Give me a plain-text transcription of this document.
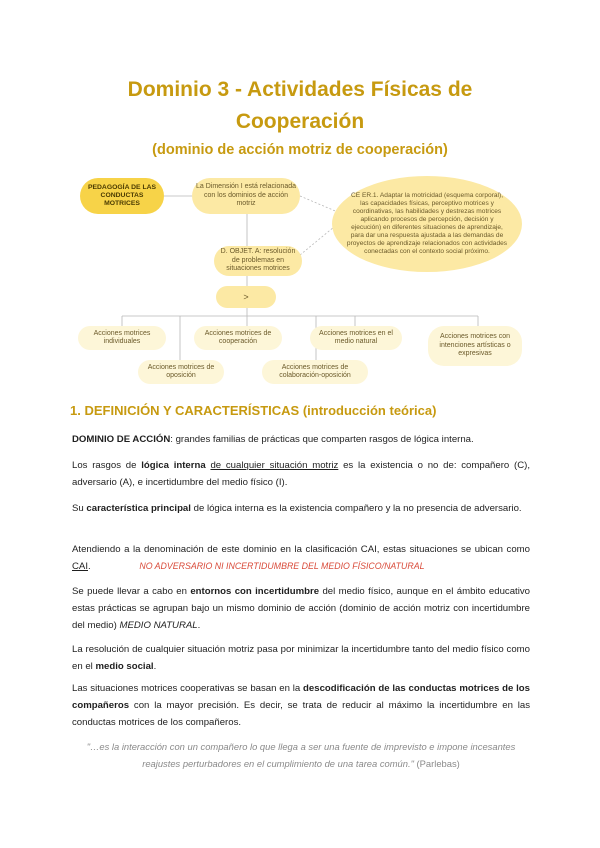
Dominio 3 - Actividades Físicas de
Cooperación
(dominio de acción motriz de cooperación)
PEDAGOGÍA DE LAS CONDUCTAS MOTRICES
La Dimensión I está relacionada con los dominios de acción motriz
CE ER.1. Adaptar la motricidad (esquema corporal), las capacidades físicas, perceptivo motrices y coordinativas, las habilidades y destrezas motrices aplicando procesos de percepción, decisión y ejecución) en diferentes situaciones de aprendizaje, para dar una respuesta ajustada a las demandas de proyectos de aprendizaje relacionados con actividades conectadas con el contexto social próximo.
D. OBJET. A: resolución de problemas en situaciones motrices
>
Acciones motrices individuales
Acciones motrices de cooperación
Acciones motrices en el medio natural
Acciones motrices con intenciones artísticas o expresivas
Acciones motrices de oposición
Acciones motrices de colaboración-oposición
1. DEFINICIÓN Y CARACTERÍSTICAS (introducción teórica)
DOMINIO DE ACCIÓN: grandes familias de prácticas que comparten rasgos de lógica interna.
Los rasgos de lógica interna de cualquier situación motriz es la existencia o no de: compañero (C), adversario (A), e incertidumbre del medio físico (I).
Su característica principal de lógica interna es la existencia compañero y la no presencia de adversario.
Atendiendo a la denominación de este dominio en la clasificación CAI, estas situaciones se ubican como CAI.	NO ADVERSARIO NI INCERTIDUMBRE DEL MEDIO FÍSICO/NATURAL
Se puede llevar a cabo en entornos con incertidumbre del medio físico, aunque en el ámbito educativo estas prácticas se agrupan bajo un mismo dominio de acción (dominio de acción motriz con incertidumbre del medio) MEDIO NATURAL.
La resolución de cualquier situación motriz pasa por minimizar la incertidumbre tanto del medio físico como en el medio social.
Las situaciones motrices cooperativas se basan en la descodificación de las conductas motrices de los compañeros con la mayor precisión. Es decir, se trata de reducir al máximo la incertidumbre en las conductas motrices de los compañeros.
"…es la interacción con un compañero lo que llega a ser una fuente de imprevisto e impone incesantes reajustes perturbadores en el cumplimiento de una tarea común." (Parlebas)
